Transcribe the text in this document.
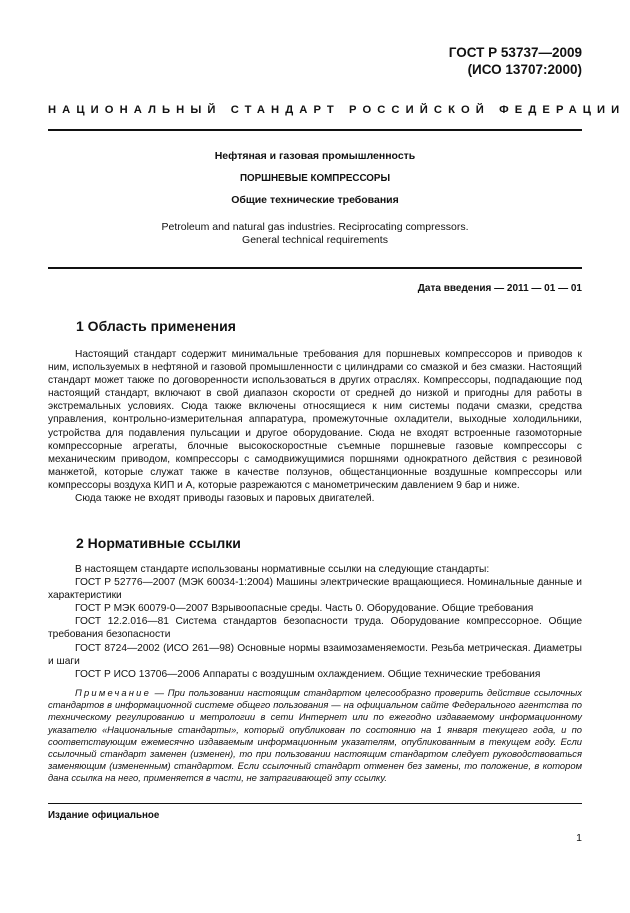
ГОСТ Р 53737—2009
(ИСО 13707:2000)
НАЦИОНАЛЬНЫЙ СТАНДАРТ РОССИЙСКОЙ ФЕДЕРАЦИИ
Нефтяная и газовая промышленность
ПОРШНЕВЫЕ КОМПРЕССОРЫ
Общие технические требования
Petroleum and natural gas industries. Reciprocating compressors.
General technical requirements
Дата введения — 2011 — 01 — 01
1 Область применения

Настоящий стандарт содержит минимальные требования для поршневых компрессоров и приводов к ним, используемых в нефтяной и газовой промышленности с цилиндрами со смазкой и без смазки. Настоящий стандарт может также по договоренности использоваться в других отраслях. Компрессоры, подпадающие под настоящий стандарт, включают в свой диапазон скорости от средней до низкой и пригодны для работы в экстремальных условиях. Сюда также включены относящиеся к ним системы подачи смазки, средства управления, контрольно-измерительная аппаратура, промежуточные охладители, выходные холодильники, устройства для подавления пульсации и другое оборудование. Сюда не входят встроенные газомоторные компрессорные агрегаты, блочные высокоскоростные съемные поршневые газовые компрессоры с механическим приводом, компрессоры с самодвижущимися поршнями однократного действия с резиновой манжетой, которые служат также в качестве ползунов, общестанционные воздушные компрессоры или компрессоры воздуха КИП и А, которые разрежаются с манометрическим давлением 9 бар и ниже.

Сюда также не входят приводы газовых и паровых двигателей.

2 Нормативные ссылки

В настоящем стандарте использованы нормативные ссылки на следующие стандарты:

ГОСТ Р 52776—2007 (МЭК 60034-1:2004) Машины электрические вращающиеся. Номинальные данные и характеристики

ГОСТ Р МЭК 60079-0—2007 Взрывоопасные среды. Часть 0. Оборудование. Общие требования

ГОСТ 12.2.016—81 Система стандартов безопасности труда. Оборудование компрессорное. Общие требования безопасности

ГОСТ 8724—2002 (ИСО 261—98) Основные нормы взаимозаменяемости. Резьба метрическая. Диаметры и шаги

ГОСТ Р ИСО 13706—2006 Аппараты с воздушным охлаждением. Общие технические требования

Примечание — При пользовании настоящим стандартом целесообразно проверить действие ссылочных стандартов в информационной системе общего пользования — на официальном сайте Федерального агентства по техническому регулированию и метрологии в сети Интернет или по ежегодно издаваемому информационному указателю «Национальные стандарты», который опубликован по состоянию на 1 января текущего года, и по соответствующим ежемесячно издаваемым информационным указателям, опубликованным в текущем году. Если ссылочный стандарт заменен (изменен), то при пользовании настоящим стандартом следует руководствоваться заменяющим (измененным) стандартом. Если ссылочный стандарт отменен без замены, то положение, в котором дана ссылка на него, применяется в части, не затрагивающей эту ссылку.
Издание официальное
1
